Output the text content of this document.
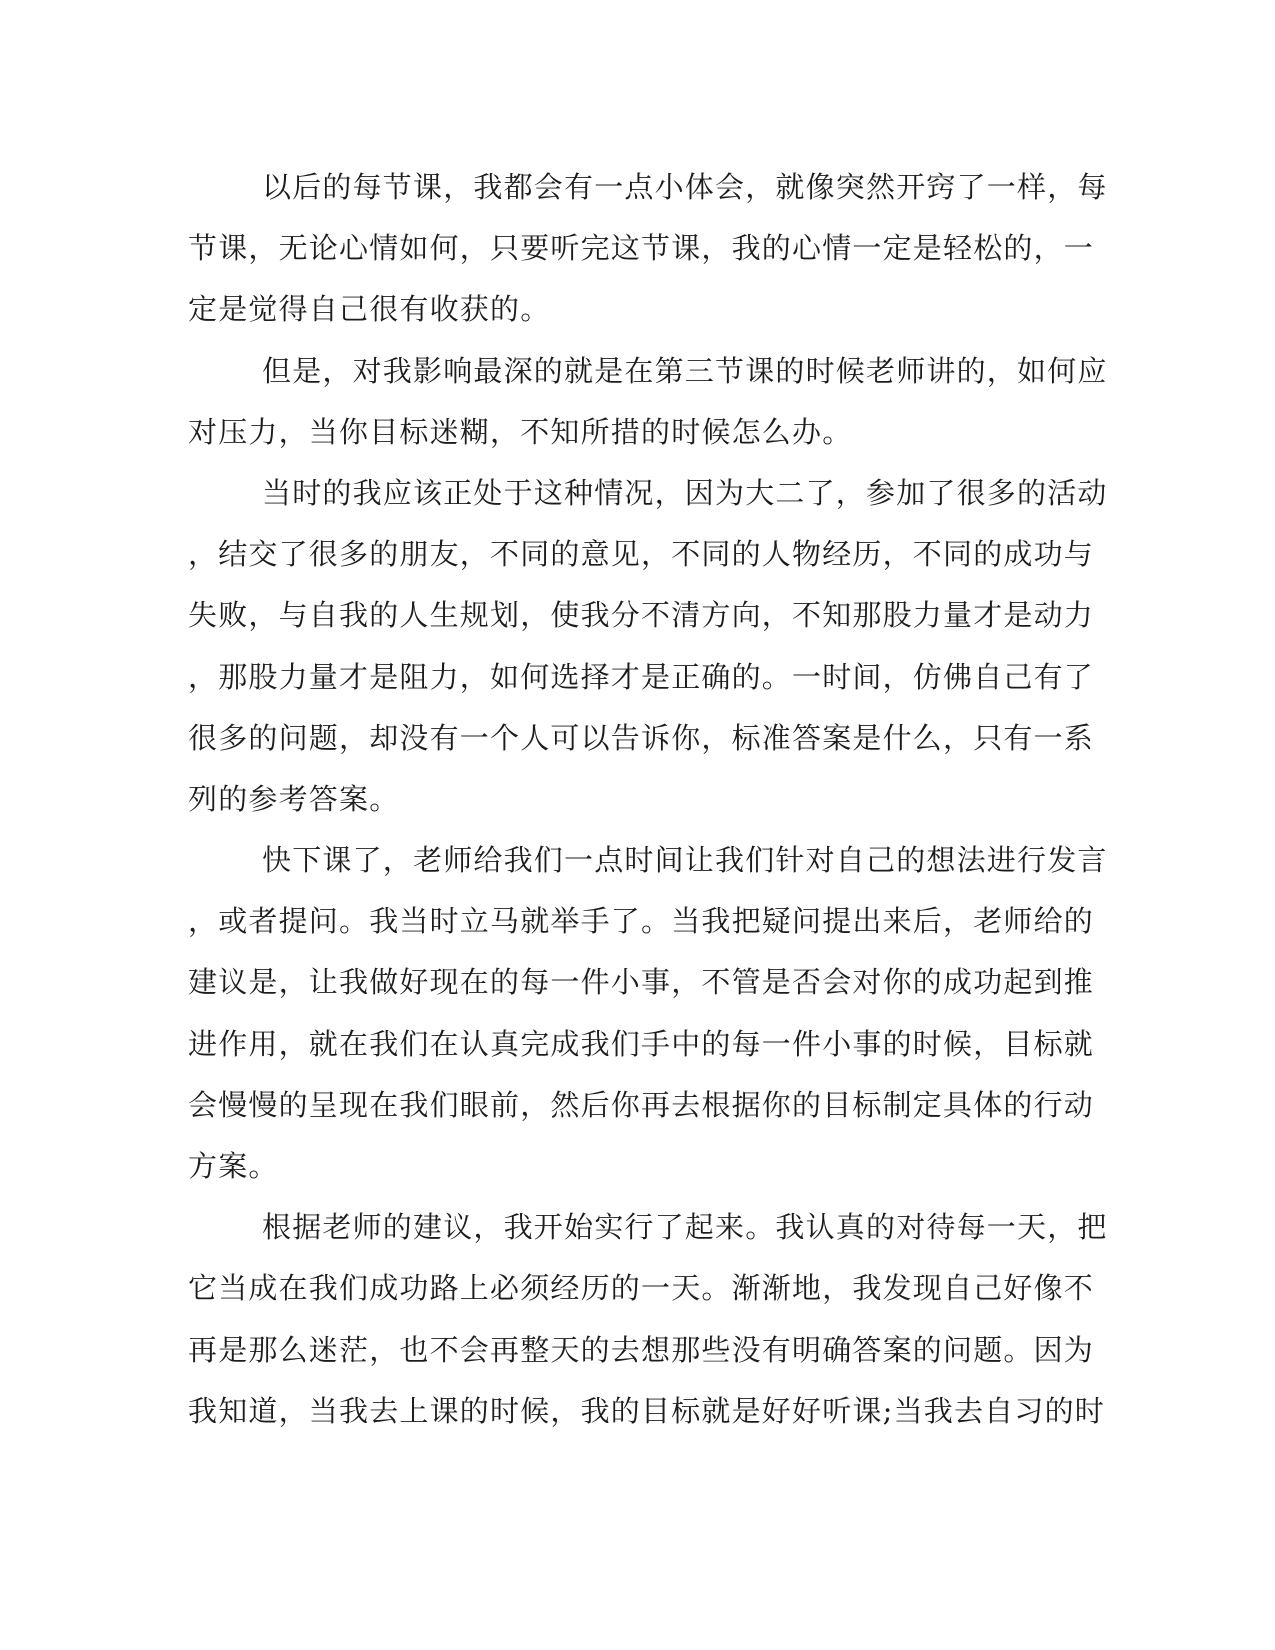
以后的每节课，我都会有一点小体会，就像突然开窍了一样，每
节课，无论心情如何，只要听完这节课，我的心情一定是轻松的，一
定是觉得自己很有收获的。
但是，对我影响最深的就是在第三节课的时候老师讲的，如何应
对压力，当你目标迷糊，不知所措的时候怎么办。
当时的我应该正处于这种情况，因为大二了，参加了很多的活动
，结交了很多的朋友，不同的意见，不同的人物经历，不同的成功与
失败，与自我的人生规划，使我分不清方向，不知那股力量才是动力
，那股力量才是阻力，如何选择才是正确的。一时间，仿佛自己有了
很多的问题，却没有一个人可以告诉你，标准答案是什么，只有一系
列的参考答案。
快下课了，老师给我们一点时间让我们针对自己的想法进行发言
，或者提问。我当时立马就举手了。当我把疑问提出来后，老师给的
建议是，让我做好现在的每一件小事，不管是否会对你的成功起到推
进作用，就在我们在认真完成我们手中的每一件小事的时候，目标就
会慢慢的呈现在我们眼前，然后你再去根据你的目标制定具体的行动
方案。
根据老师的建议，我开始实行了起来。我认真的对待每一天，把
它当成在我们成功路上必须经历的一天。渐渐地，我发现自己好像不
再是那么迷茫，也不会再整天的去想那些没有明确答案的问题。因为
我知道，当我去上课的时候，我的目标就是好好听课;当我去自习的时
